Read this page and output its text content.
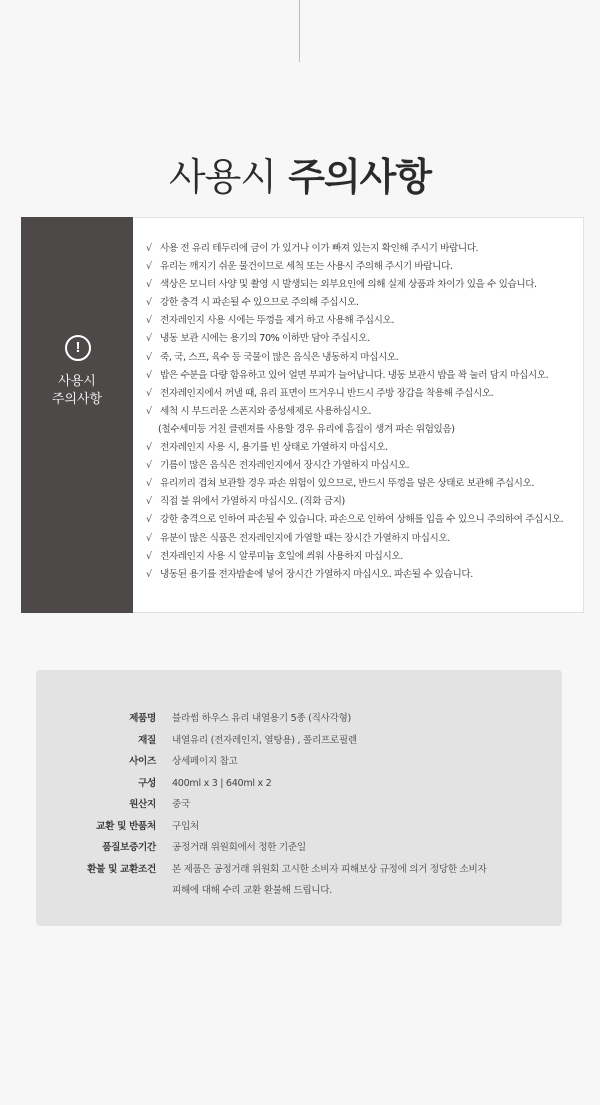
사용시 주의사항
!
사용시
주의사항
√ 사용 전 유리 테두리에 금이 가 있거나 이가 빠져 있는지 확인해 주시기 바랍니다.
√ 유리는 깨지기 쉬운 물건이므로 세척 또는 사용시 주의해 주시기 바랍니다.
√ 색상은 모니터 사양 및 촬영 시 발생되는 외부요인에 의해 실제 상품과 차이가 있을 수 있습니다.
√ 강한 충격 시 파손될 수 있으므로 주의해 주십시오.
√ 전자레인지 사용 시에는 뚜껑을 제거 하고 사용해 주십시오.
√ 냉동 보관 시에는 용기의 70% 이하만 담아 주십시오.
√ 죽, 국, 스프, 육수 등 국물이 많은 음식은 냉동하지 마십시오.
√ 밥은 수분을 다량 함유하고 있어 얼면 부피가 늘어납니다. 냉동 보관시 밥을 꽉 눌러 담지 마십시오.
√ 전자레인지에서 꺼낼 때, 유리 표면이 뜨거우니 반드시 주방 장갑을 착용해 주십시오.
√ 세척 시 부드러운 스폰지와 중성세제로 사용하십시오.
(철수세미등 거친 클렌져를 사용할 경우 유리에 흠집이 생겨 파손 위험있음)
√ 전자레인지 사용 시, 용기를 빈 상태로 가열하지 마십시오.
√ 기름이 많은 음식은 전자레인지에서 장시간 가열하지 마십시오.
√ 유리끼리 겹쳐 보관할 경우 파손 위험이 있으므로, 반드시 뚜껑을 덮은 상태로 보관해 주십시오.
√ 직접 불 위에서 가열하지 마십시오. (직화 금지)
√ 강한 충격으로 인하여 파손될 수 있습니다. 파손으로 인하여 상해를 입을 수 있으니 주의하여 주십시오.
√ 유분이 많은 식품은 전자레인지에 가열할 때는 장시간 가열하지 마십시오.
√ 전자레인지 사용 시 알루미늄 호일에 씌워 사용하지 마십시오.
√ 냉동된 용기를 전자밥솥에 넣어 장시간 가열하지 마십시오. 파손될 수 있습니다.
제품명	블라썸 하우스 유리 내열용기 5종 (직사각형)
재질	내열유리 (전자레인지, 열탕용) , 폴리프로필렌
사이즈	상세페이지 참고
구성	400ml x 3 | 640ml x 2
원산지	중국
교환 및 반품처	구입처
품질보증기간	공정거래 위원회에서 정한 기준일
환불 및 교환조건 본 제품은 공정거래 위원회 고시한 소비자 피해보상 규정에 의거 정당한 소비자
피해에 대해 수리 교환 환불해 드립니다.
